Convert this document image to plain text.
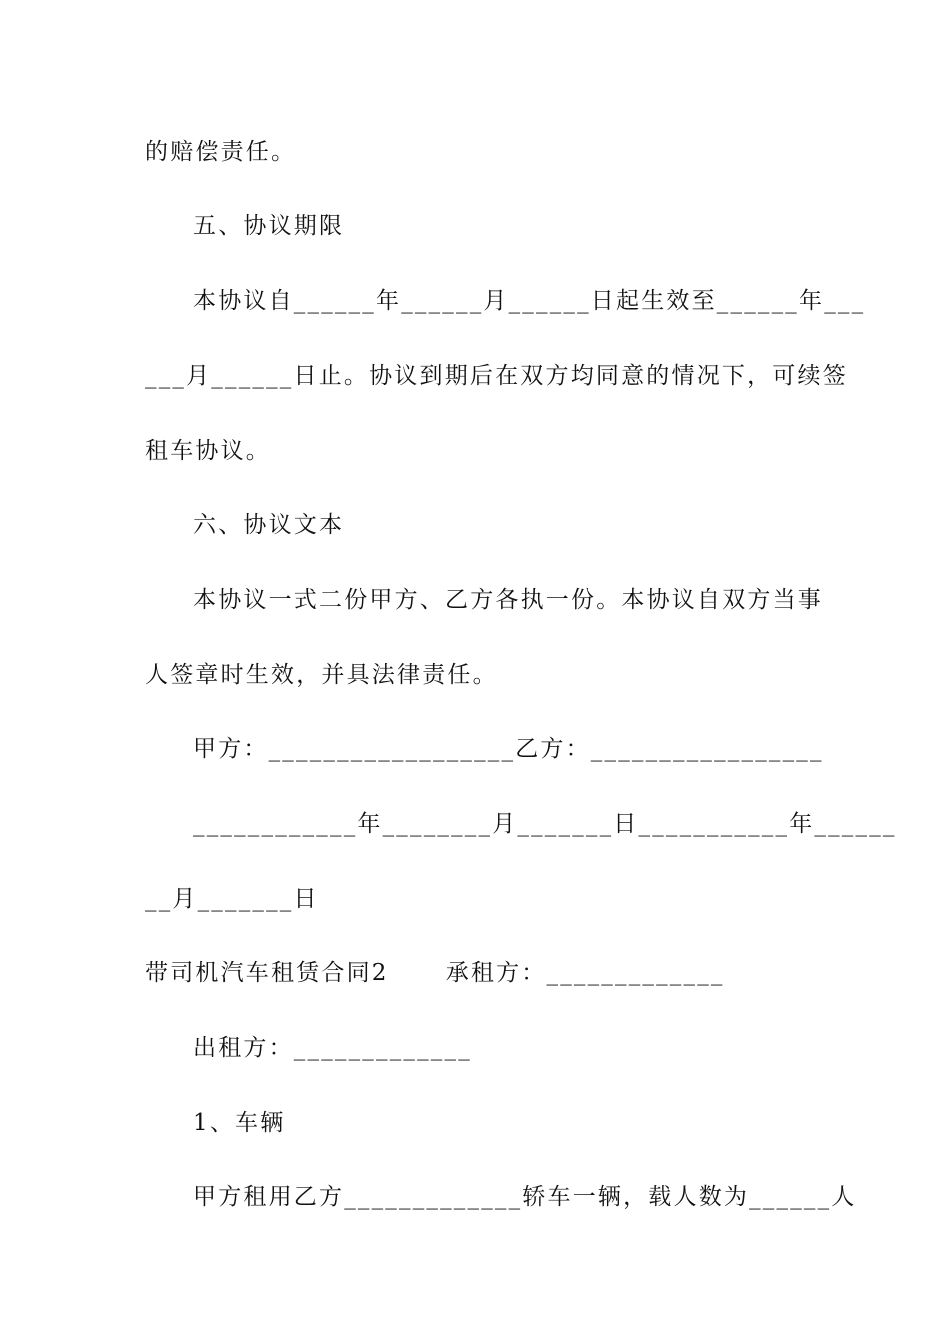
的赔偿责任。

五、协议期限

本协议自______年______月______日起生效至______年___

___月______日止。协议到期后在双方均同意的情况下，可续签

租车协议。

六、协议文本

本协议一式二份甲方、乙方各执一份。本协议自双方当事

人签章时生效，并具法律责任。

甲方：__________________乙方：_________________

____________年________月_______日___________年______

__月_______日

带司机汽车租赁合同2      承租方：_____________

出租方：_____________

1、车辆

甲方租用乙方_____________轿车一辆，载人数为______人
